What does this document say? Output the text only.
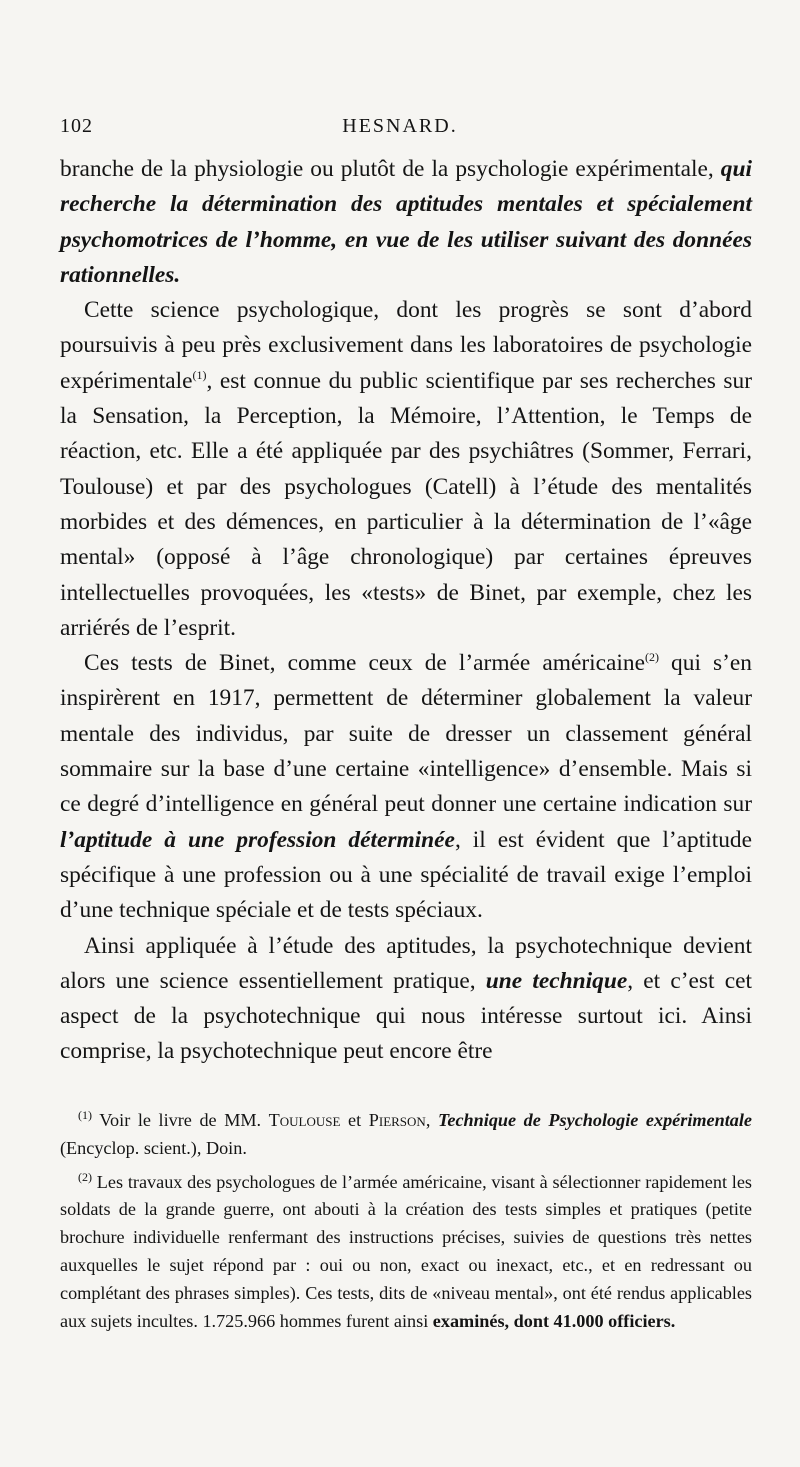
102	HESNARD.

branche de la physiologie ou plutôt de la psychologie expérimentale, qui recherche la détermination des aptitudes mentales et spécialement psychomotrices de l’homme, en vue de les utiliser suivant des données rationnelles.

Cette science psychologique, dont les progrès se sont d’abord poursuivis à peu près exclusivement dans les laboratoires de psychologie expérimentale$^{(1)}$, est connue du public scientifique par ses recherches sur la Sensation, la Perception, la Mémoire, l’Attention, le Temps de réaction, etc. Elle a été appliquée par des psychiâtres (Sommer, Ferrari, Toulouse) et par des psychologues (Catell) à l’étude des mentalités morbides et des démences, en particulier à la détermination de l’«âge mental» (opposé à l’âge chronologique) par certaines épreuves intellectuelles provoquées, les «tests» de Binet, par exemple, chez les arriérés de l’esprit.

Ces tests de Binet, comme ceux de l’armée américaine$^{(2)}$ qui s’en inspirèrent en 1917, permettent de déterminer globalement la valeur mentale des individus, par suite de dresser un classement général sommaire sur la base d’une certaine «intelligence» d’ensemble. Mais si ce degré d’intelligence en général peut donner une certaine indication sur l’aptitude à une profession déterminée, il est évident que l’aptitude spécifique à une profession ou à une spécialité de travail exige l’emploi d’une technique spéciale et de tests spéciaux.

Ainsi appliquée à l’étude des aptitudes, la psychotechnique devient alors une science essentiellement pratique, une technique, et c’est cet aspect de la psychotechnique qui nous intéresse surtout ici. Ainsi comprise, la psychotechnique peut encore être

$^{(1)}$ Voir le livre de MM. Toulouse et Pierson, Technique de Psychologie expérimentale (Encyclop. scient.), Doin.

$^{(2)}$ Les travaux des psychologues de l’armée américaine, visant à sélectionner rapidement les soldats de la grande guerre, ont abouti à la création des tests simples et pratiques (petite brochure individuelle renfermant des instructions précises, suivies de questions très nettes auxquelles le sujet répond par : oui ou non, exact ou inexact, etc., et en redressant ou complétant des phrases simples). Ces tests, dits de «niveau mental», ont été rendus applicables aux sujets incultes. 1.725.966 hommes furent ainsi examinés, dont 41.000 officiers.
